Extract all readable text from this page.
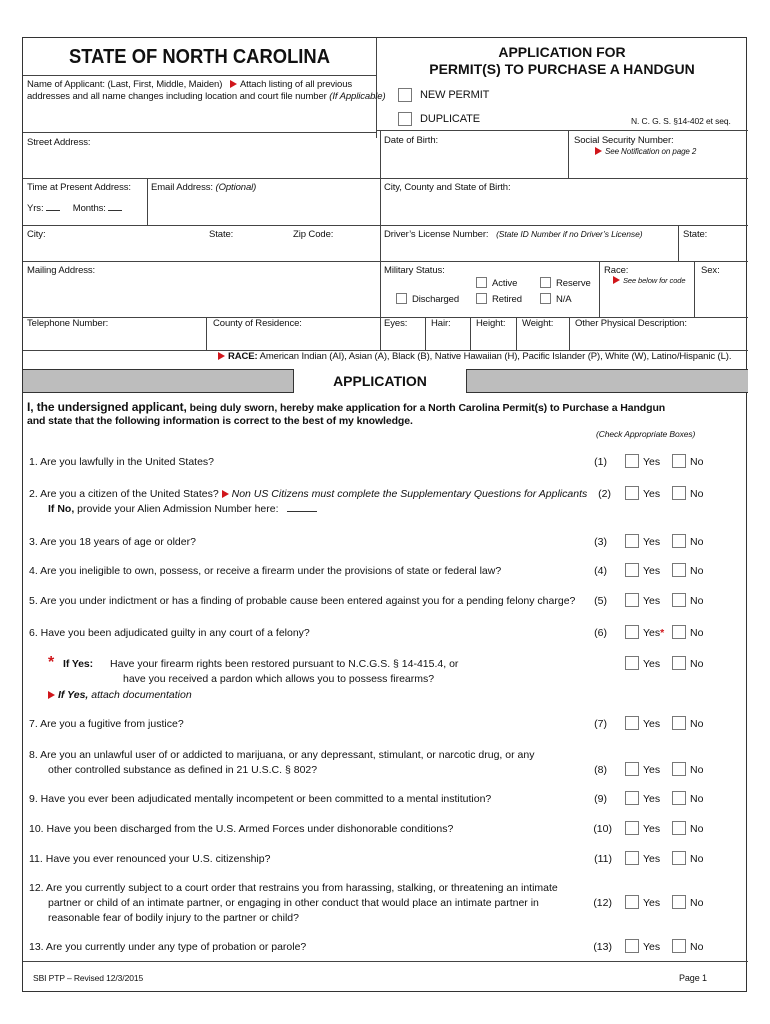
STATE OF NORTH CAROLINA
Name of Applicant: (Last, First, Middle, Maiden) Attach listing of all previous
addresses and all name changes including location and court file number (If Applicable)
APPLICATION FOR
PERMIT(S) TO PURCHASE A HANDGUN
NEW PERMIT
DUPLICATE	N. C. G. S. §14-402 et seq.
Street Address:	Date of Birth:	Social Security Number:
See Notification on page 2
Time at Present Address:
Yrs:	Months:
Email Address: (Optional)	City, County and State of Birth:
City:	State:	Zip Code:	Driver’s License Number: (State ID Number if no Driver’s License)	State:
Mailing Address:	Military Status:
Active	Reserve
Discharged	Retired	N/A
Race:
See below for code
Sex:
Telephone Number:	County of Residence:	Eyes: Hair:	Height: Weight: Other Physical Description:
RACE: American Indian (AI), Asian (A), Black (B), Native Hawaiian (H), Pacific Islander (P), White (W), Latino/Hispanic (L).
APPLICATION
I, the undersigned applicant, being duly sworn, hereby make application for a North Carolina Permit(s) to Purchase a Handgun
and state that the following information is correct to the best of my knowledge.
(Check Appropriate Boxes)
1. Are you lawfully in the United States?	(1)	Yes	No
2. Are you a citizen of the United States? Non US Citizens must complete the Supplementary Questions for Applicants	(2)	Yes	No
If No, provide your Alien Admission Number here:
3. Are you 18 years of age or older?	(3)	Yes	No
4. Are you ineligible to own, possess, or receive a firearm under the provisions of state or federal law?	(4)	Yes	No
5. Are you under indictment or has a finding of probable cause been entered against you for a pending felony charge?	(5)	Yes	No
6. Have you been adjudicated guilty in any court of a felony?	(6)	Yes* No
* If Yes: Have your firearm rights been restored pursuant to N.C.G.S. § 14-415.4, or
have you received a pardon which allows you to possess firearms?
Yes	No
If Yes, attach documentation
7. Are you a fugitive from justice?	(7)	Yes	No
8. Are you an unlawful user of or addicted to marijuana, or any depressant, stimulant, or narcotic drug, or any
other controlled substance as defined in 21 U.S.C. § 802?	(8)	Yes	No
9. Have you ever been adjudicated mentally incompetent or been committed to a mental institution?	(9)	Yes	No
10. Have you been discharged from the U.S. Armed Forces under dishonorable conditions?	(10)	Yes	No
11. Have you ever renounced your U.S. citizenship?	(11)	Yes	No
12. Are you currently subject to a court order that restrains you from harassing, stalking, or threatening an intimate
partner or child of an intimate partner, or engaging in other conduct that would place an intimate partner in
reasonable fear of bodily injury to the partner or child?
(12)	Yes	No
13. Are you currently under any type of probation or parole?	(13)	Yes	No
SBI PTP – Revised 12/3/2015	Page 1
